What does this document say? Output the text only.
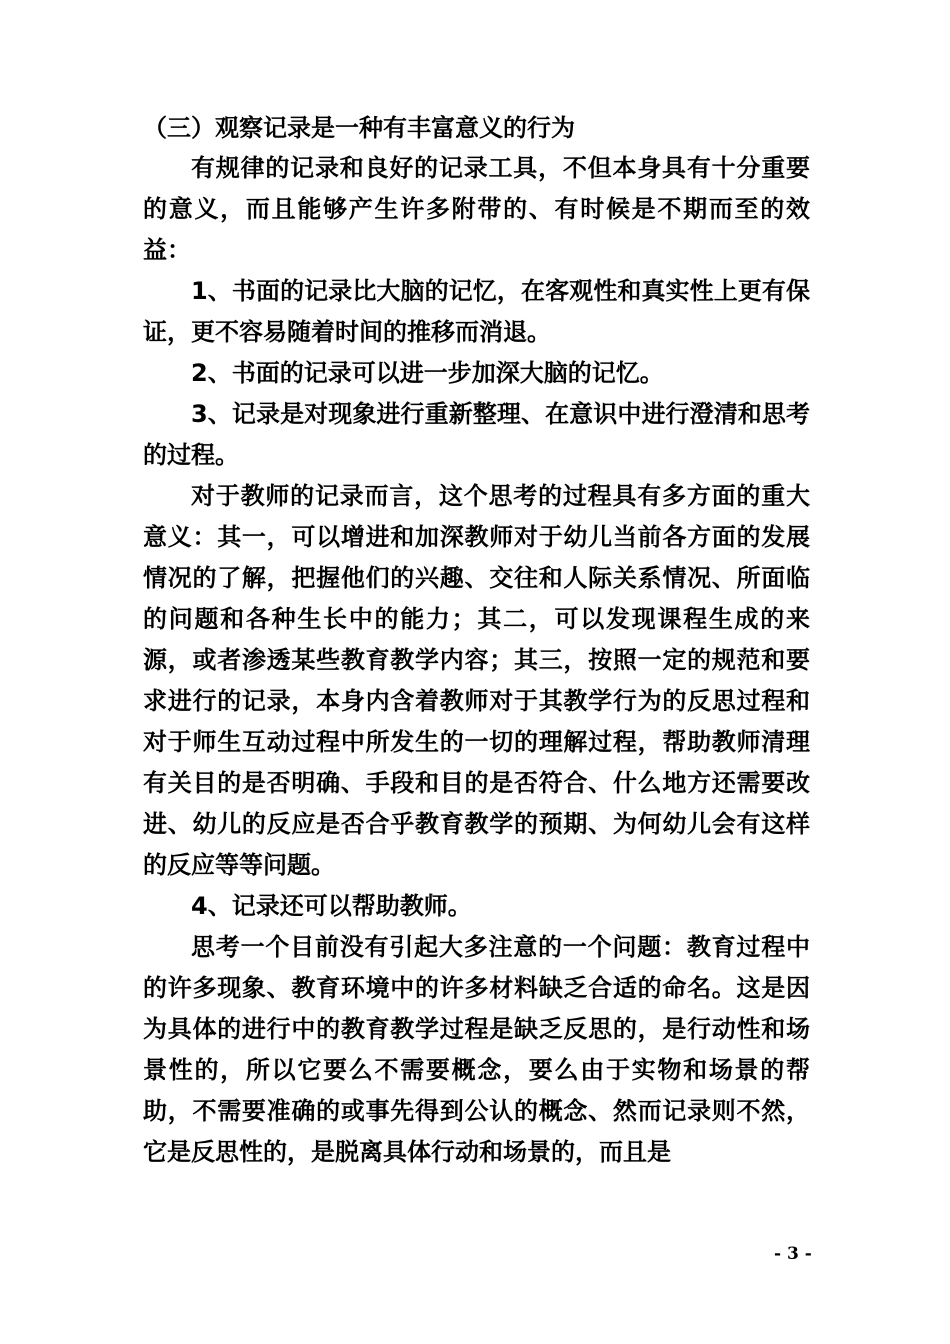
（三）观察记录是一种有丰富意义的行为

有规律的记录和良好的记录工具，不但本身具有十分重要的意义，而且能够产生许多附带的、有时候是不期而至的效益：

1、书面的记录比大脑的记忆，在客观性和真实性上更有保证，更不容易随着时间的推移而消退。

2、书面的记录可以进一步加深大脑的记忆。

3、记录是对现象进行重新整理、在意识中进行澄清和思考的过程。

对于教师的记录而言，这个思考的过程具有多方面的重大意义：其一，可以增进和加深教师对于幼儿当前各方面的发展情况的了解，把握他们的兴趣、交往和人际关系情况、所面临的问题和各种生长中的能力；其二，可以发现课程生成的来源，或者渗透某些教育教学内容；其三，按照一定的规范和要求进行的记录，本身内含着教师对于其教学行为的反思过程和对于师生互动过程中所发生的一切的理解过程，帮助教师清理有关目的是否明确、手段和目的是否符合、什么地方还需要改进、幼儿的反应是否合乎教育教学的预期、为何幼儿会有这样的反应等等问题。

4、记录还可以帮助教师。

思考一个目前没有引起大多注意的一个问题：教育过程中的许多现象、教育环境中的许多材料缺乏合适的命名。这是因为具体的进行中的教育教学过程是缺乏反思的，是行动性和场景性的，所以它要么不需要概念，要么由于实物和场景的帮助，不需要准确的或事先得到公认的概念、然而记录则不然，它是反思性的，是脱离具体行动和场景的，而且是

- 3 -
